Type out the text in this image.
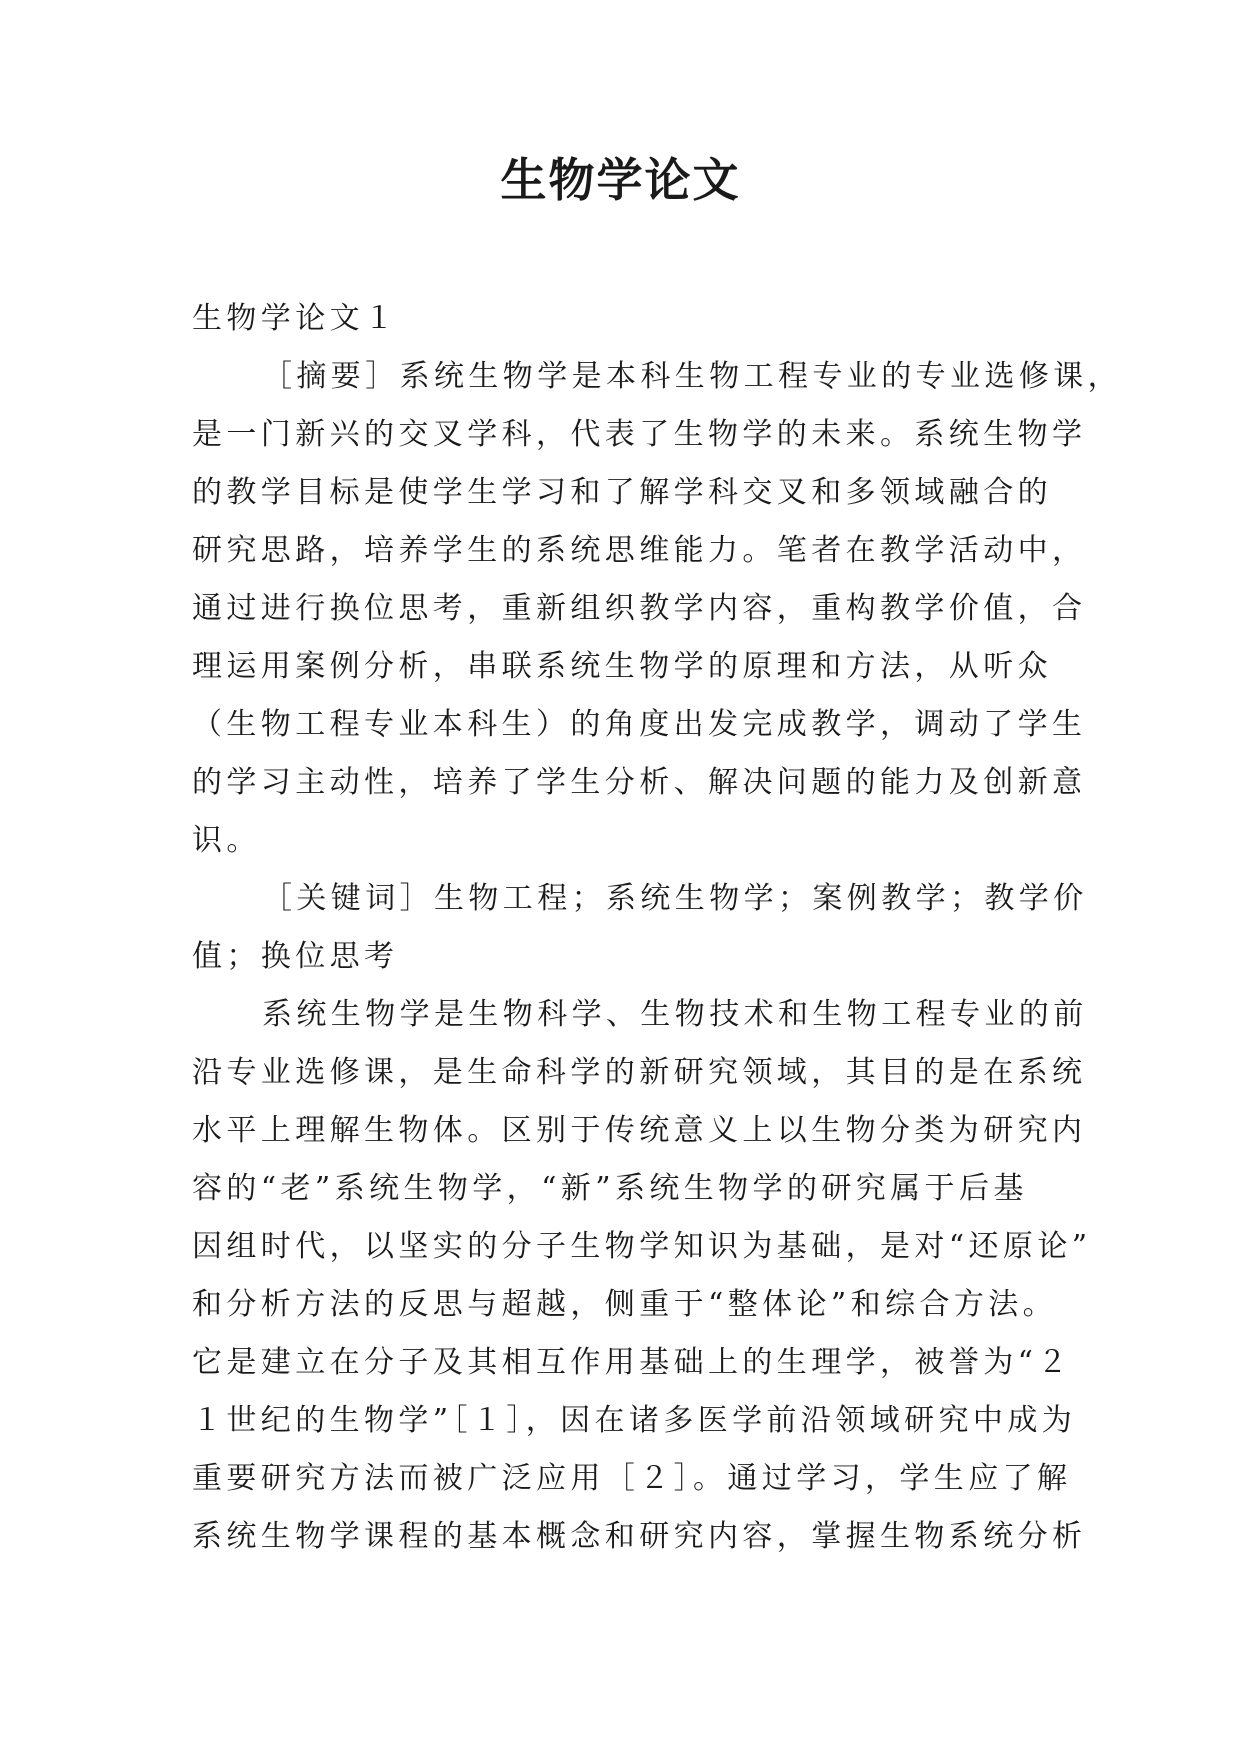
生物学论文
生物学论文１
［摘要］系统生物学是本科生物工程专业的专业选修课，
是一门新兴的交叉学科，代表了生物学的未来。系统生物学
的教学目标是使学生学习和了解学科交叉和多领域融合的
研究思路，培养学生的系统思维能力。笔者在教学活动中，
通过进行换位思考，重新组织教学内容，重构教学价值，合
理运用案例分析，串联系统生物学的原理和方法，从听众
（生物工程专业本科生）的角度出发完成教学，调动了学生
的学习主动性，培养了学生分析、解决问题的能力及创新意
识。
［关键词］生物工程；系统生物学；案例教学；教学价
值；换位思考
系统生物学是生物科学、生物技术和生物工程专业的前
沿专业选修课，是生命科学的新研究领域，其目的是在系统
水平上理解生物体。区别于传统意义上以生物分类为研究内
容的“老”系统生物学，“新”系统生物学的研究属于后基
因组时代，以坚实的分子生物学知识为基础，是对“还原论”
和分析方法的反思与超越，侧重于“整体论”和综合方法。
它是建立在分子及其相互作用基础上的生理学，被誉为“２
１世纪的生物学”［１］，因在诸多医学前沿领域研究中成为
重要研究方法而被广泛应用［２］。通过学习，学生应了解
系统生物学课程的基本概念和研究内容，掌握生物系统分析
